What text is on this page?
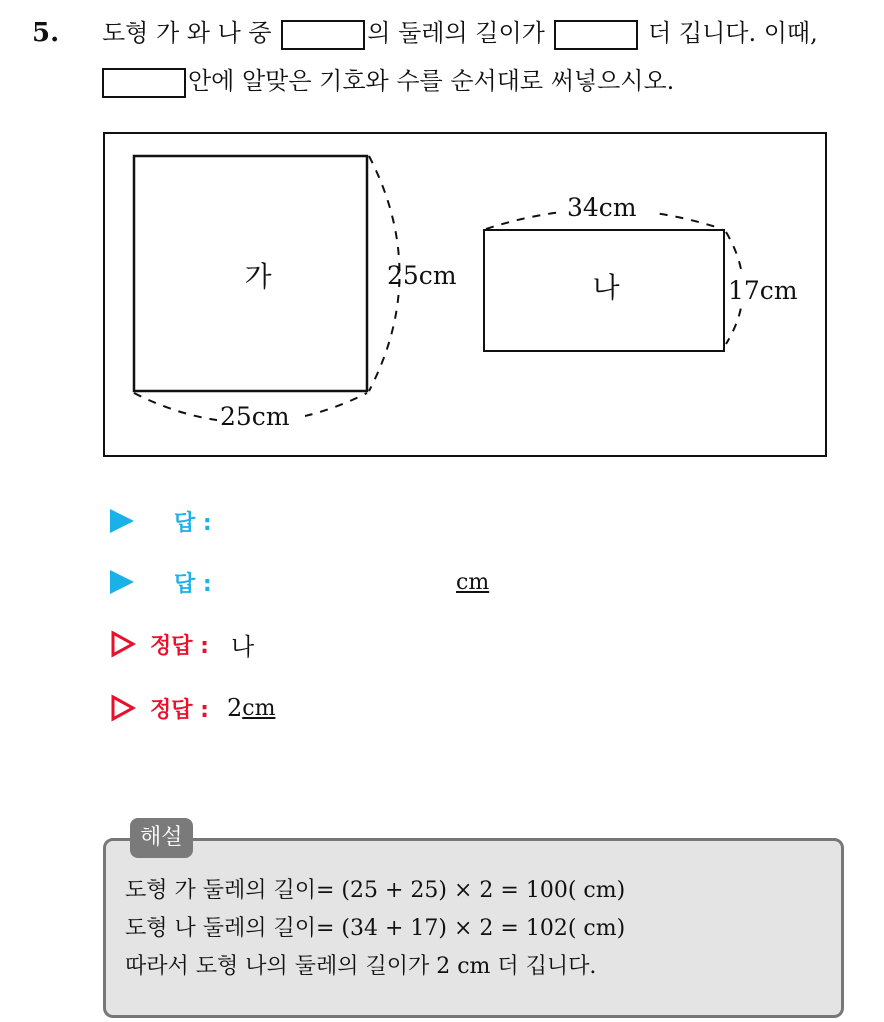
5. 도형 가 와 나 중	의 둘레의 길이가	더 깁니다. 이때,
안에 알맞은 기호와 수를 순서대로 써넣으시오.
가	25cm
25cm
나
34cm
17cm
답 :
답 :	cm
정답 : 나
정답 : 2 cm
해설
도형 가 둘레의 길이= (25 + 25) × 2 = 100( cm)
도형 나 둘레의 길이= (34 + 17) × 2 = 102( cm)
따라서 도형 나의 둘레의 길이가 2 cm 더 깁니다.
